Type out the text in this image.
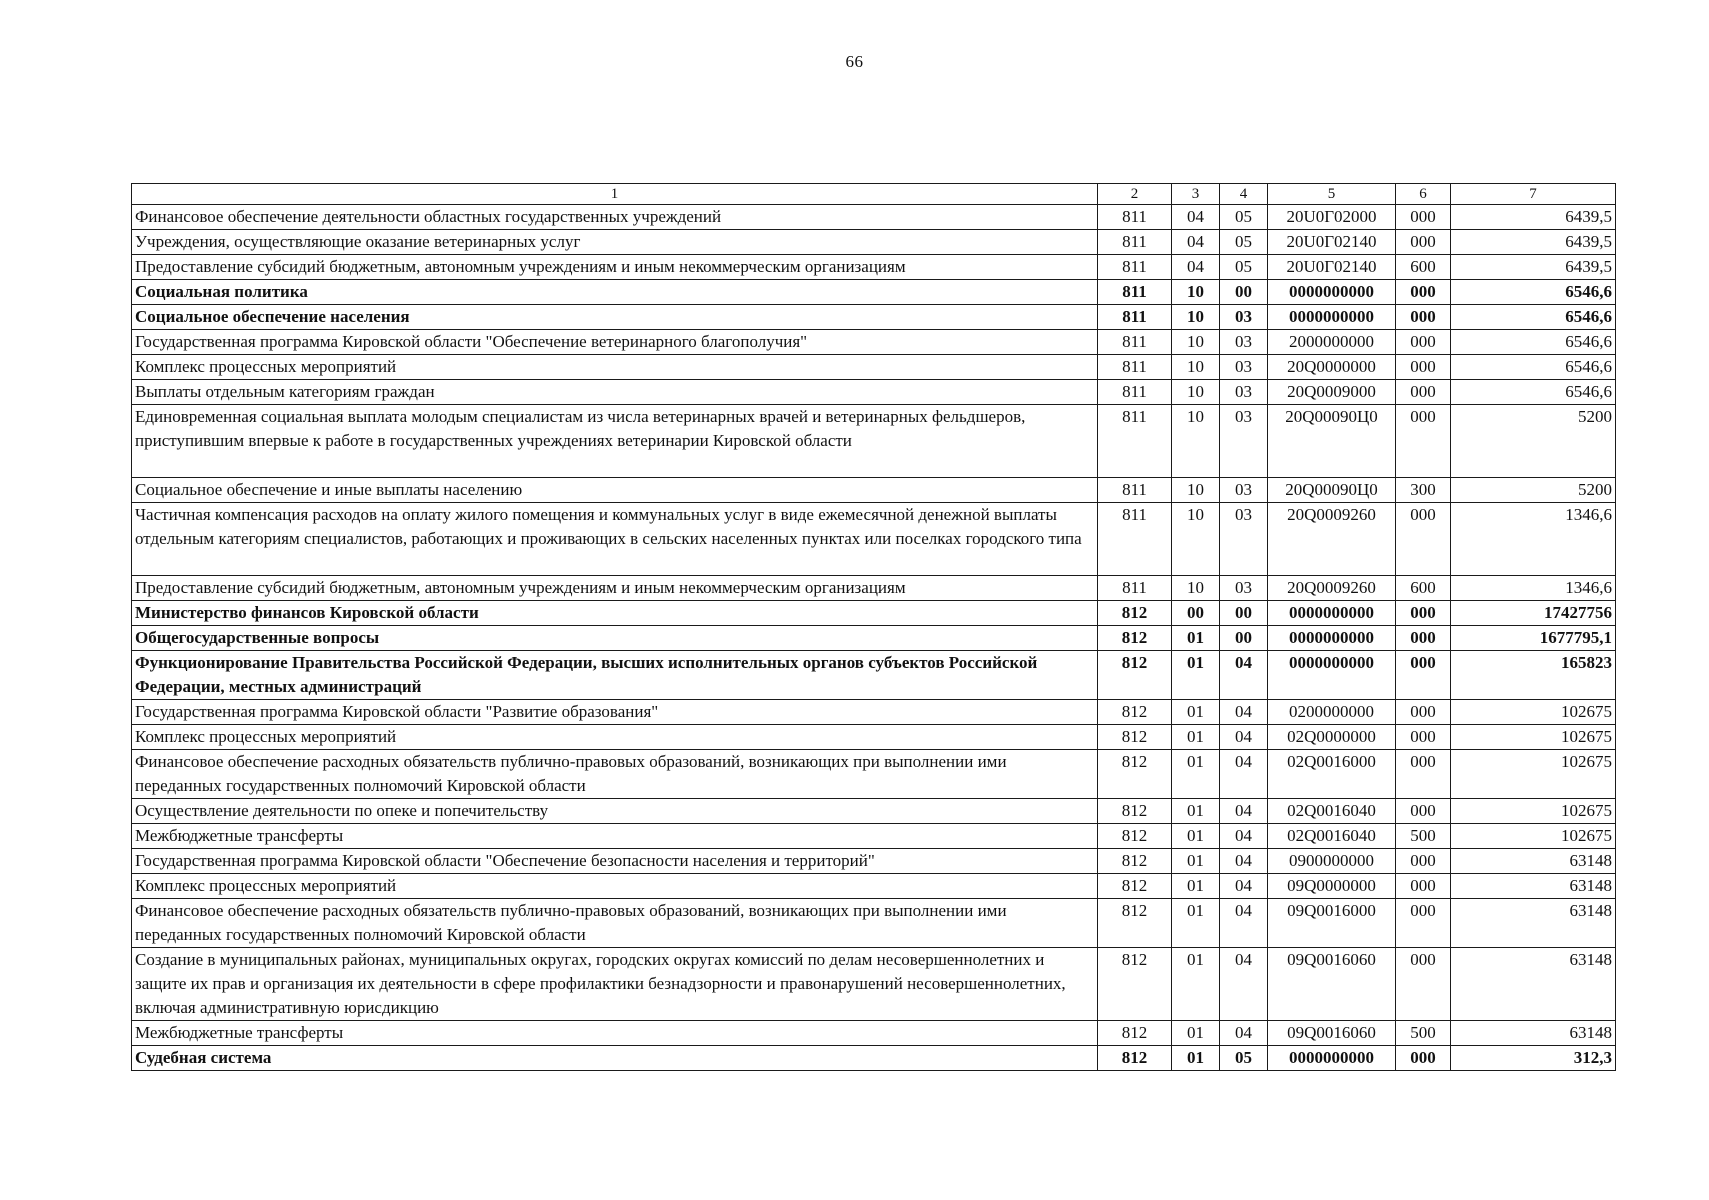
66
1	2	3	4	5	6	7
Финансовое обеспечение деятельности областных государственных учреждений	811	04	05	20U0Г02000	000	6439,5
Учреждения, осуществляющие оказание ветеринарных услуг	811	04	05	20U0Г02140	000	6439,5
Предоставление субсидий бюджетным, автономным учреждениям и иным некоммерческим организациям	811	04	05	20U0Г02140	600	6439,5
Социальная политика	811	10	00	0000000000	000	6546,6
Социальное обеспечение населения	811	10	03	0000000000	000	6546,6
Государственная программа Кировской области "Обеспечение ветеринарного благополучия"	811	10	03	2000000000	000	6546,6
Комплекс процессных мероприятий	811	10	03	20Q0000000	000	6546,6
Выплаты отдельным категориям граждан	811	10	03	20Q0009000	000	6546,6
Единовременная социальная выплата молодым специалистам из числа ветеринарных врачей и ветеринарных фельдшеров, приступившим впервые к работе в государственных учреждениях ветеринарии Кировской области	811	10	03	20Q00090Ц0	000	5200
Социальное обеспечение и иные выплаты населению	811	10	03	20Q00090Ц0	300	5200
Частичная компенсация расходов на оплату жилого помещения и коммунальных услуг в виде ежемесячной денежной выплаты отдельным категориям специалистов, работающих и проживающих в сельских населенных пунктах или поселках городского типа	811	10	03	20Q0009260	000	1346,6
Предоставление субсидий бюджетным, автономным учреждениям и иным некоммерческим организациям	811	10	03	20Q0009260	600	1346,6
Министерство финансов Кировской области	812	00	00	0000000000	000	17427756
Общегосударственные вопросы	812	01	00	0000000000	000	1677795,1
Функционирование Правительства Российской Федерации, высших исполнительных органов субъектов Российской Федерации, местных администраций	812	01	04	0000000000	000	165823
Государственная программа Кировской области "Развитие образования"	812	01	04	0200000000	000	102675
Комплекс процессных мероприятий	812	01	04	02Q0000000	000	102675
Финансовое обеспечение расходных обязательств публично-правовых образований, возникающих при выполнении ими переданных государственных полномочий Кировской области	812	01	04	02Q0016000	000	102675
Осуществление деятельности по опеке и попечительству	812	01	04	02Q0016040	000	102675
Межбюджетные трансферты	812	01	04	02Q0016040	500	102675
Государственная программа Кировской области "Обеспечение безопасности населения и территорий"	812	01	04	0900000000	000	63148
Комплекс процессных мероприятий	812	01	04	09Q0000000	000	63148
Финансовое обеспечение расходных обязательств публично-правовых образований, возникающих при выполнении ими переданных государственных полномочий Кировской области	812	01	04	09Q0016000	000	63148
Создание в муниципальных районах, муниципальных округах, городских округах комиссий по делам несовершеннолетних и защите их прав и организация их деятельности в сфере профилактики безнадзорности и правонарушений несовершеннолетних, включая административную юрисдикцию	812	01	04	09Q0016060	000	63148
Межбюджетные трансферты	812	01	04	09Q0016060	500	63148
Судебная система	812	01	05	0000000000	000	312,3
